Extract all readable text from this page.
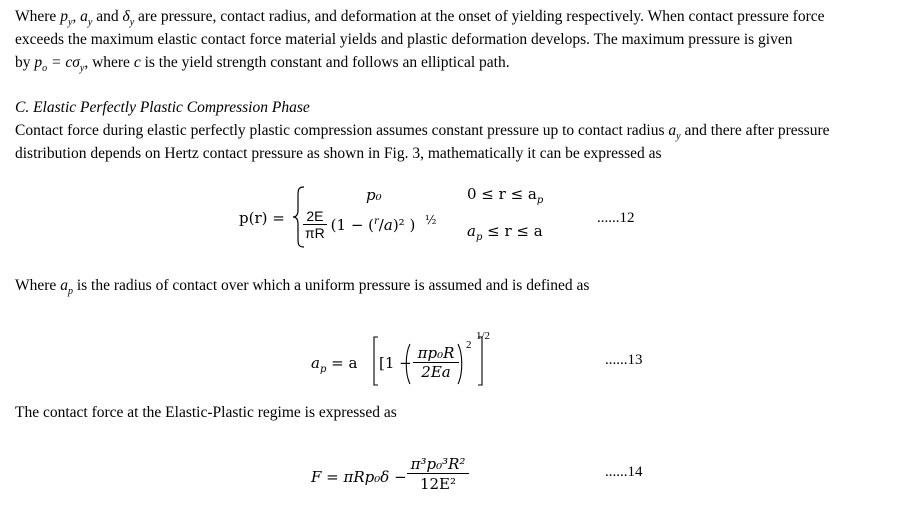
Where $p_y$, $a_y$ and $\delta_y$ are pressure, contact radius, and deformation at the onset of yielding respectively. When contact pressure force
exceeds the maximum elastic contact force material yields and plastic deformation develops. The maximum pressure is given
by $p_o = c\sigma_y$, where c is the yield strength constant and follows an elliptical path.
C. Elastic Perfectly Plastic Compression Phase
Contact force during elastic perfectly plastic compression assumes constant pressure up to contact radius $a_y$ and there after pressure
distribution depends on Hertz contact pressure as shown in Fig. 3, mathematically it can be expressed as
p(r) =
p₀	$0 \le r \le a_p$
$\frac{2E}{\pi R} (1 - (^r/a)^2$ )  $^{\frac{1}{2}}$
$a_p \le r \le a$
......12
Where $a_p$ is the radius of contact over which a uniform pressure is assumed and is defined as
$a_p = a$ [1 −
πp₀R
2Ea
2
1/2
......13
The contact force at the Elastic-Plastic regime is expressed as
F = πRp₀δ −
π³p₀³R²
12E²
......14
